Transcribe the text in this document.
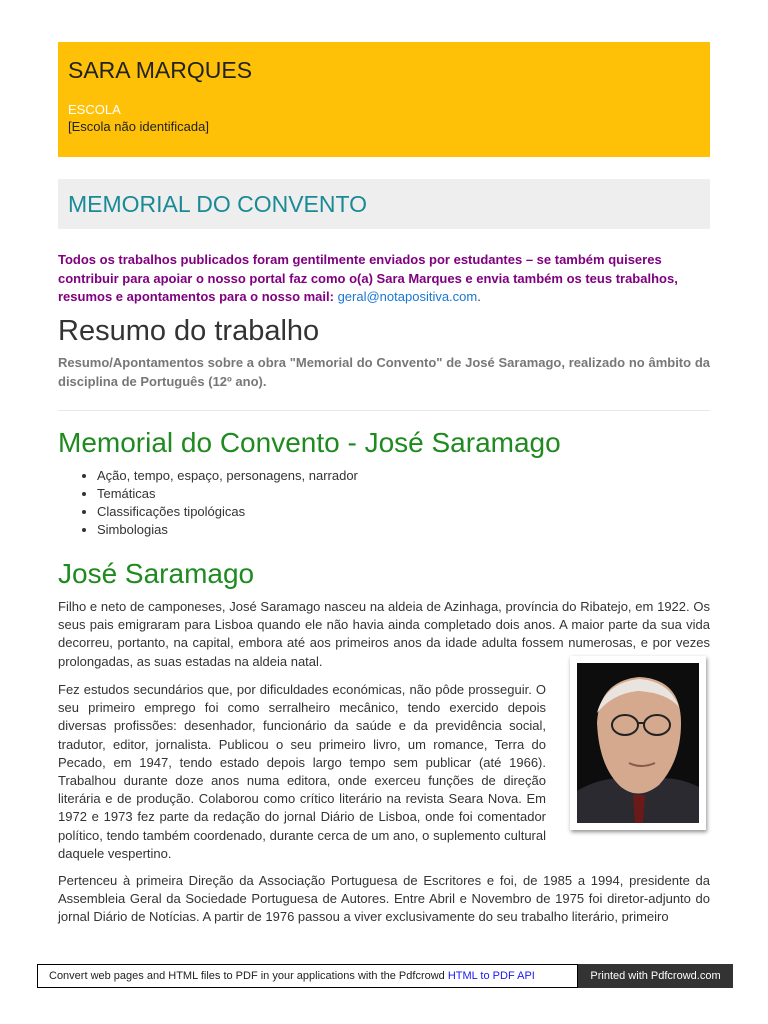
SARA MARQUES
ESCOLA
[Escola não identificada]
MEMORIAL DO CONVENTO
Todos os trabalhos publicados foram gentilmente enviados por estudantes – se também quiseres contribuir para apoiar o nosso portal faz como o(a) Sara Marques e envia também os teus trabalhos, resumos e apontamentos para o nosso mail: geral@notapositiva.com.
Resumo do trabalho
Resumo/Apontamentos sobre a obra "Memorial do Convento" de José Saramago, realizado no âmbito da disciplina de Português (12º ano).
Memorial do Convento - José Saramago
• Ação, tempo, espaço, personagens, narrador
• Temáticas
• Classificações tipológicas
• Simbologias
José Saramago

Filho e neto de camponeses, José Saramago nasceu na aldeia de Azinhaga, província do Ribatejo, em 1922. Os seus pais emigraram para Lisboa quando ele não havia ainda completado dois anos. A maior parte da sua vida decorreu, portanto, na capital, embora até aos primeiros anos da idade adulta fossem numerosas, e por vezes prolongadas, as suas estadas na aldeia natal.

Fez estudos secundários que, por dificuldades económicas, não pôde prosseguir. O seu primeiro emprego foi como serralheiro mecânico, tendo exercido depois diversas profissões: desenhador, funcionário da saúde e da previdência social, tradutor, editor, jornalista. Publicou o seu primeiro livro, um romance, Terra do Pecado, em 1947, tendo estado depois largo tempo sem publicar (até 1966). Trabalhou durante doze anos numa editora, onde exerceu funções de direção literária e de produção. Colaborou como crítico literário na revista Seara Nova. Em 1972 e 1973 fez parte da redação do jornal Diário de Lisboa, onde foi comentador político, tendo também coordenado, durante cerca de um ano, o suplemento cultural daquele vespertino.

Pertenceu à primeira Direção da Associação Portuguesa de Escritores e foi, de 1985 a 1994, presidente da Assembleia Geral da Sociedade Portuguesa de Autores. Entre Abril e Novembro de 1975 foi diretor-adjunto do jornal Diário de Notícias. A partir de 1976 passou a viver exclusivamente do seu trabalho literário, primeiro

Convert web pages and HTML files to PDF in your applications with the Pdfcrowd HTML to PDF API	Printed with Pdfcrowd.com
